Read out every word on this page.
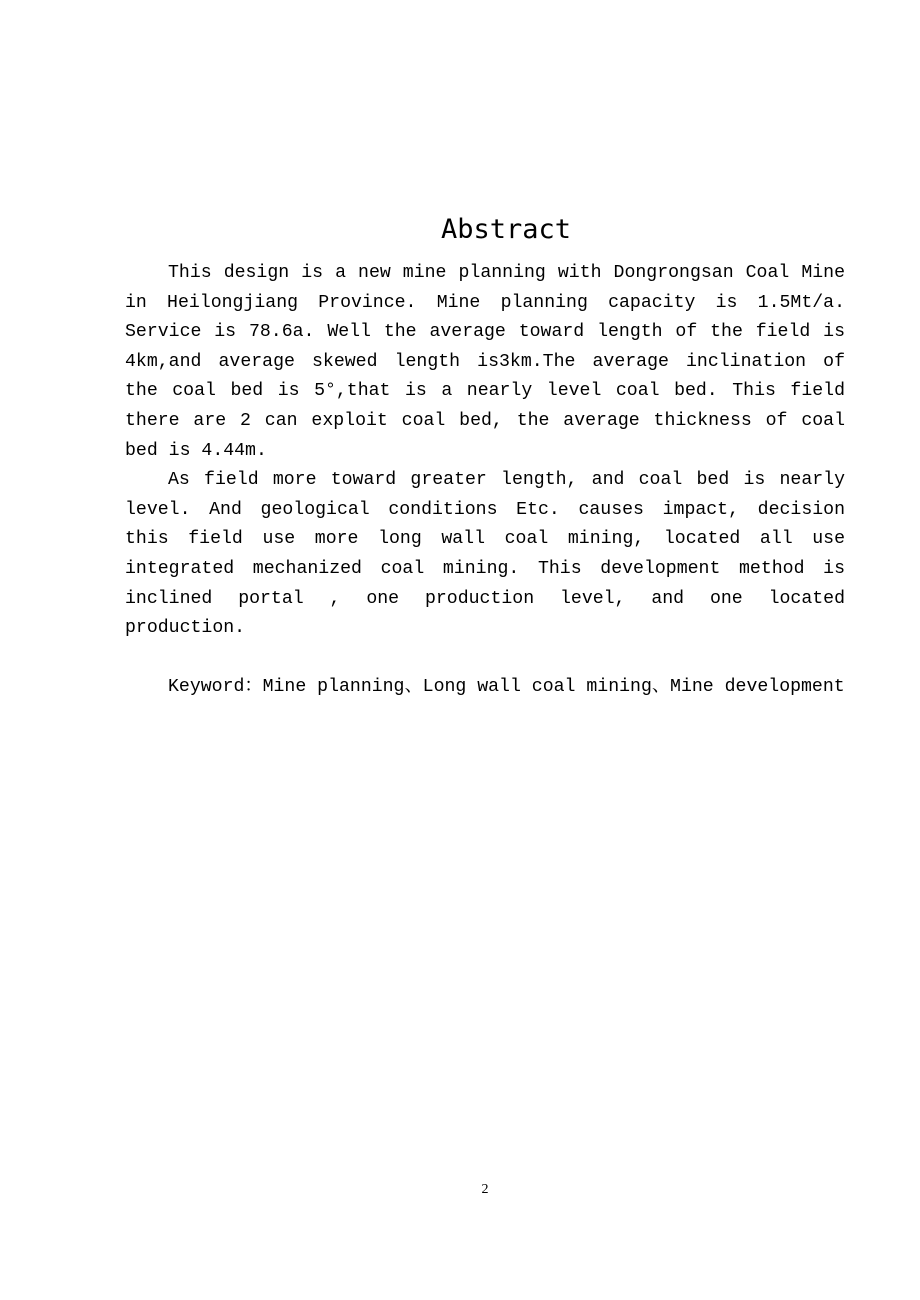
Abstract

This design is a new mine planning with Dongrongsan Coal Mine in Heilongjiang Province. Mine planning capacity is 1.5Mt/a. Service is 78.6a. Well the average toward length of the field is 4km,and average skewed length is3km.The average inclination of the coal bed is 5°,that is a nearly level coal bed. This field there are 2 can exploit coal bed, the average thickness of coal bed is 4.44m.

As field more toward greater length, and coal bed is nearly level. And geological conditions Etc. causes impact, decision this field use more long wall coal mining, located all use integrated mechanized coal mining. This development method is inclined portal , one production level, and one located production.

Keyword：Mine planning、Long wall coal mining、Mine development

2
